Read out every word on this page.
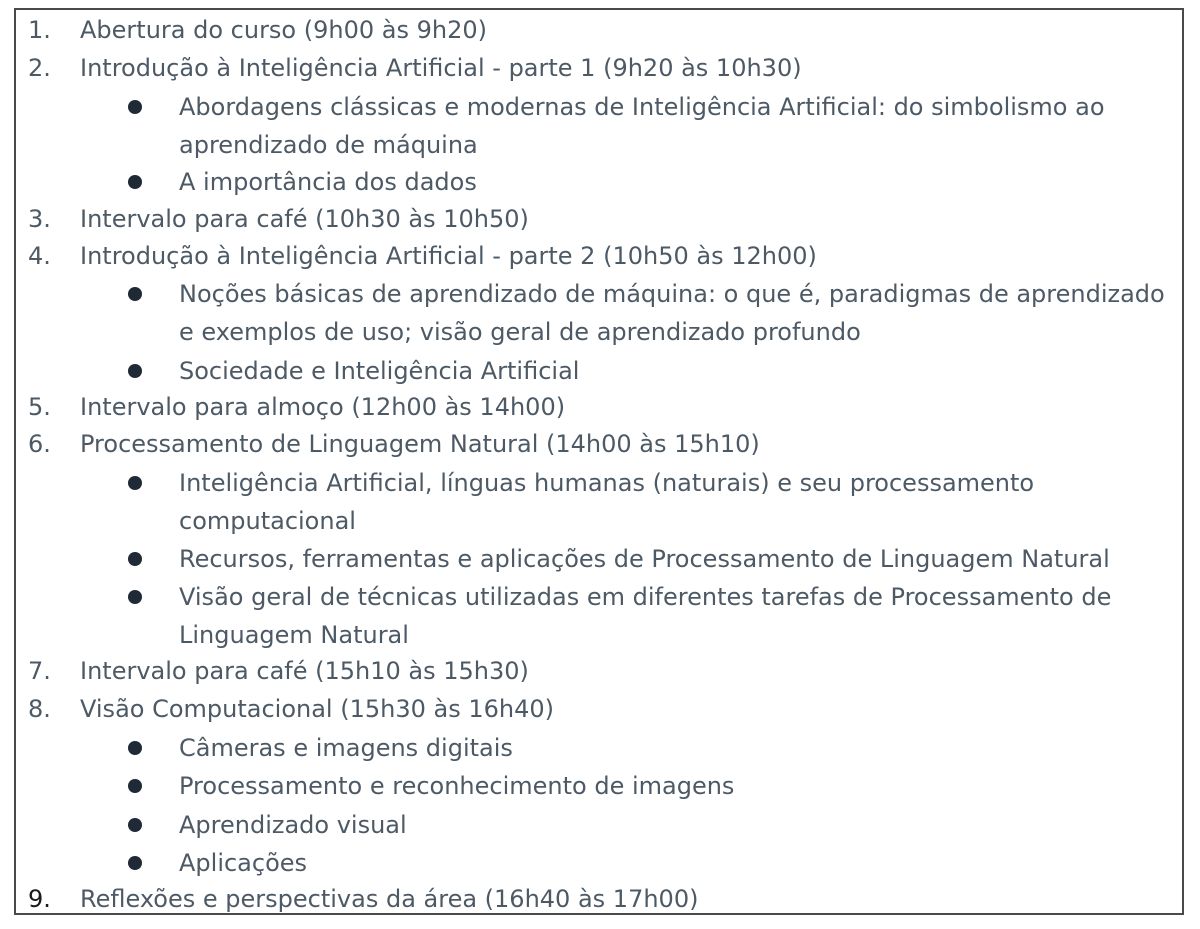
1.	Abertura do curso (9h00 às 9h20)
2.	Introdução à Inteligência Artificial - parte 1 (9h20 às 10h30)
Abordagens clássicas e modernas de Inteligência Artificial: do simbolismo ao
aprendizado de máquina
A importância dos dados
3.	Intervalo para café (10h30 às 10h50)
4.	Introdução à Inteligência Artificial - parte 2 (10h50 às 12h00)
Noções básicas de aprendizado de máquina: o que é, paradigmas de aprendizado
e exemplos de uso; visão geral de aprendizado profundo
Sociedade e Inteligência Artificial
5.	Intervalo para almoço (12h00 às 14h00)
6.	Processamento de Linguagem Natural (14h00 às 15h10)
Inteligência Artificial, línguas humanas (naturais) e seu processamento
computacional
Recursos, ferramentas e aplicações de Processamento de Linguagem Natural
Visão geral de técnicas utilizadas em diferentes tarefas de Processamento de
Linguagem Natural
7.	Intervalo para café (15h10 às 15h30)
8.	Visão Computacional (15h30 às 16h40)
Câmeras e imagens digitais
Processamento e reconhecimento de imagens
Aprendizado visual
Aplicações
9.	Reflexões e perspectivas da área (16h40 às 17h00)
